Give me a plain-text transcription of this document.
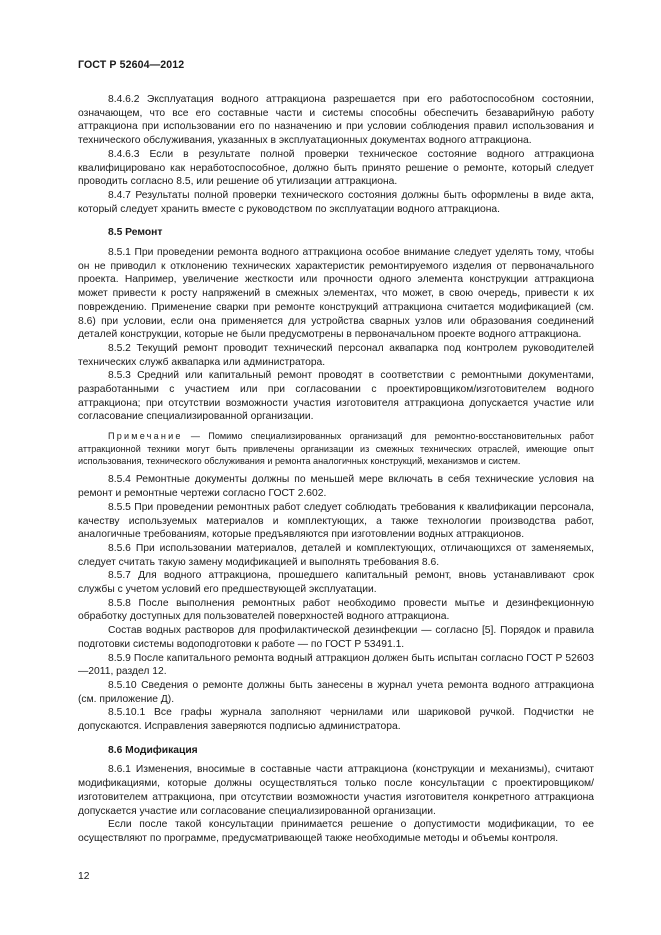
ГОСТ Р 52604—2012

8.4.6.2 Эксплуатация водного аттракциона разрешается при его работоспособном состоянии, означающем, что все его составные части и системы способны обеспечить безаварийную работу аттракциона при использовании его по назначению и при условии соблюдения правил использования и технического обслуживания, указанных в эксплуатационных документах водного аттракциона.

8.4.6.3 Если в результате полной проверки техническое состояние водного аттракциона квалифицировано как неработоспособное, должно быть принято решение о ремонте, который следует проводить согласно 8.5, или решение об утилизации аттракциона.

8.4.7 Результаты полной проверки технического состояния должны быть оформлены в виде акта, который следует хранить вместе с руководством по эксплуатации водного аттракциона.

8.5 Ремонт

8.5.1 При проведении ремонта водного аттракциона особое внимание следует уделять тому, чтобы он не приводил к отклонению технических характеристик ремонтируемого изделия от первоначального проекта. Например, увеличение жесткости или прочности одного элемента конструкции аттракциона может привести к росту напряжений в смежных элементах, что может, в свою очередь, привести к их повреждению. Применение сварки при ремонте конструкций аттракциона считается модификацией (см. 8.6) при условии, если она применяется для устройства сварных узлов или образования соединений деталей конструкции, которые не были предусмотрены в первоначальном проекте водного аттракциона.

8.5.2 Текущий ремонт проводит технический персонал аквапарка под контролем руководителей технических служб аквапарка или администратора.

8.5.3 Средний или капитальный ремонт проводят в соответствии с ремонтными документами, разработанными с участием или при согласовании с проектировщиком/изготовителем водного аттракциона; при отсутствии возможности участия изготовителя аттракциона допускается участие или согласование специализированной организации.

Примечание — Помимо специализированных организаций для ремонтно-восстановительных работ аттракционной техники могут быть привлечены организации из смежных технических отраслей, имеющие опыт использования, технического обслуживания и ремонта аналогичных конструкций, механизмов и систем.

8.5.4 Ремонтные документы должны по меньшей мере включать в себя технические условия на ремонт и ремонтные чертежи согласно ГОСТ 2.602.

8.5.5 При проведении ремонтных работ следует соблюдать требования к квалификации персонала, качеству используемых материалов и комплектующих, а также технологии производства работ, аналогичные требованиям, которые предъявляются при изготовлении водных аттракционов.

8.5.6 При использовании материалов, деталей и комплектующих, отличающихся от заменяемых, следует считать такую замену модификацией и выполнять требования 8.6.

8.5.7 Для водного аттракциона, прошедшего капитальный ремонт, вновь устанавливают срок службы с учетом условий его предшествующей эксплуатации.

8.5.8 После выполнения ремонтных работ необходимо провести мытье и дезинфекционную обработку доступных для пользователей поверхностей водного аттракциона.

Состав водных растворов для профилактической дезинфекции — согласно [5]. Порядок и правила подготовки системы водоподготовки к работе — по ГОСТ Р 53491.1.

8.5.9 После капитального ремонта водный аттракцион должен быть испытан согласно ГОСТ Р 52603—2011, раздел 12.

8.5.10 Сведения о ремонте должны быть занесены в журнал учета ремонта водного аттракциона (см. приложение Д).

8.5.10.1 Все графы журнала заполняют чернилами или шариковой ручкой. Подчистки не допускаются. Исправления заверяются подписью администратора.

8.6 Модификация

8.6.1 Изменения, вносимые в составные части аттракциона (конструкции и механизмы), считают модификациями, которые должны осуществляться только после консультации с проектировщиком/изготовителем аттракциона, при отсутствии возможности участия изготовителя конкретного аттракциона допускается участие или согласование специализированной организации.

Если после такой консультации принимается решение о допустимости модификации, то ее осуществляют по программе, предусматривающей также необходимые методы и объемы контроля.

12
